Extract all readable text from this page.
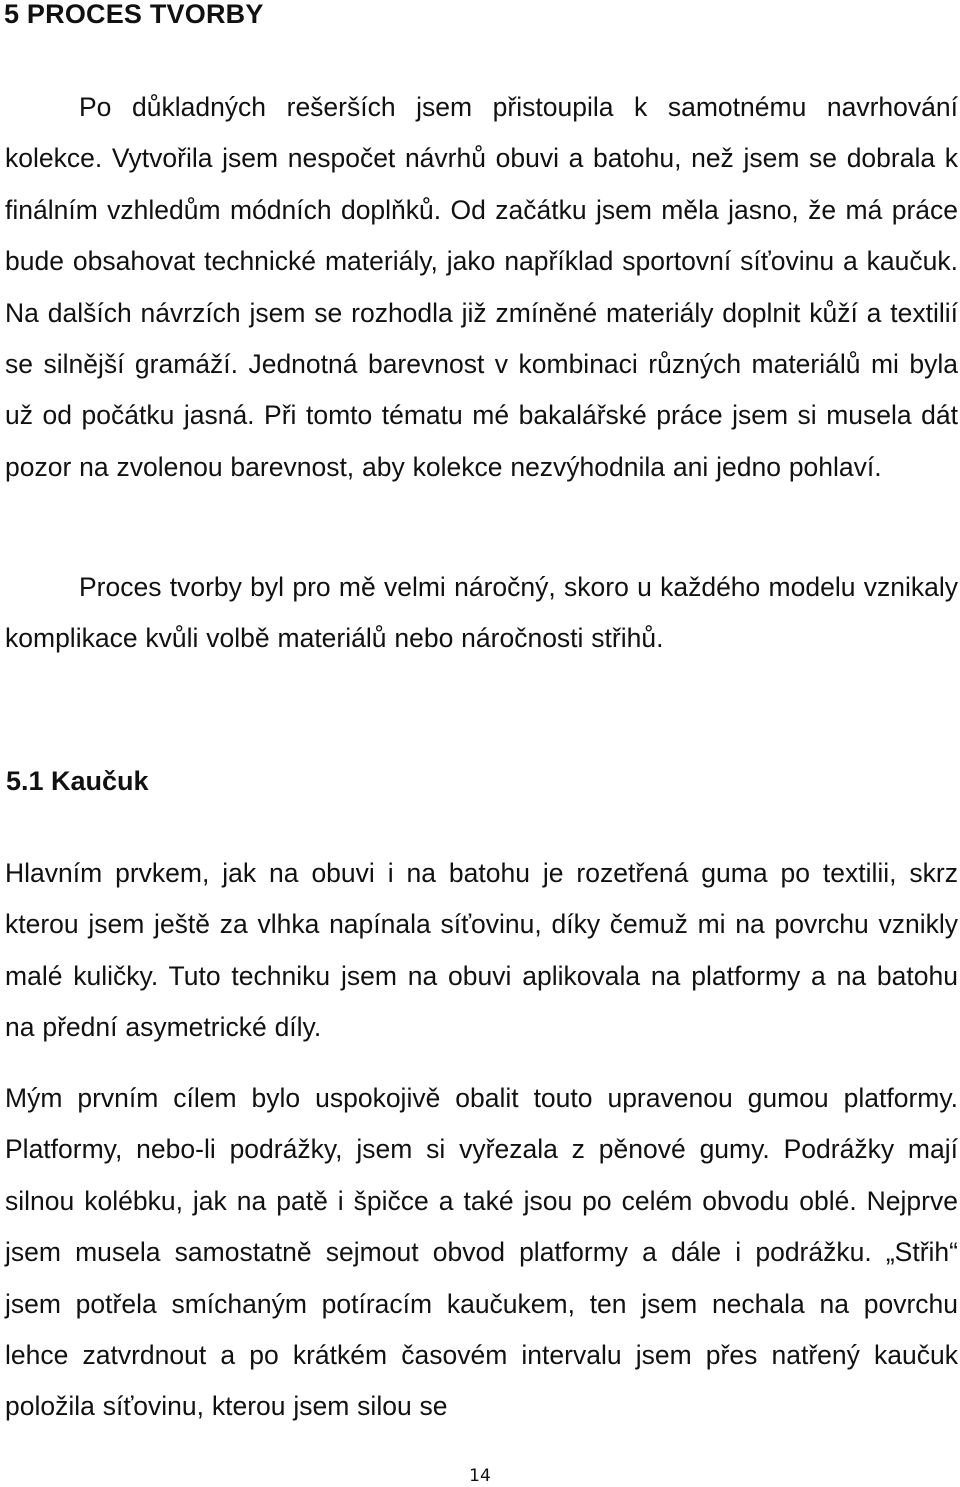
5 PROCES TVORBY

Po důkladných rešerších jsem přistoupila k samotnému navrhování kolekce. Vytvořila jsem nespočet návrhů obuvi a batohu, než jsem se dobrala k finálním vzhledům módních doplňků. Od začátku jsem měla jasno, že má práce bude obsahovat technické materiály, jako například sportovní síťovinu a kaučuk. Na dalších návrzích jsem se rozhodla již zmíněné materiály doplnit kůží a textilií se silnější gramáží. Jednotná barevnost v kombinaci různých materiálů mi byla už od počátku jasná. Při tomto tématu mé bakalářské práce jsem si musela dát pozor na zvolenou barevnost, aby kolekce nezvýhodnila ani jedno pohlaví.

Proces tvorby byl pro mě velmi náročný, skoro u každého modelu vznikaly komplikace kvůli volbě materiálů nebo náročnosti střihů.

5.1 Kaučuk

Hlavním prvkem, jak na obuvi i na batohu je rozetřená guma po textilii, skrz kterou jsem ještě za vlhka napínala síťovinu, díky čemuž mi na povrchu vznikly malé kuličky. Tuto techniku jsem na obuvi aplikovala na platformy a na batohu na přední asymetrické díly.

Mým prvním cílem bylo uspokojivě obalit touto upravenou gumou platformy. Platformy, nebo-li podrážky, jsem si vyřezala z pěnové gumy. Podrážky mají silnou kolébku, jak na patě i špičce a také jsou po celém obvodu oblé. Nejprve jsem musela samostatně sejmout obvod platformy a dále i podrážku. „Střih“ jsem potřela smíchaným potíracím kaučukem, ten jsem nechala na povrchu lehce zatvrdnout a po krátkém časovém intervalu jsem přes natřený kaučuk položila síťovinu, kterou jsem silou se

14
